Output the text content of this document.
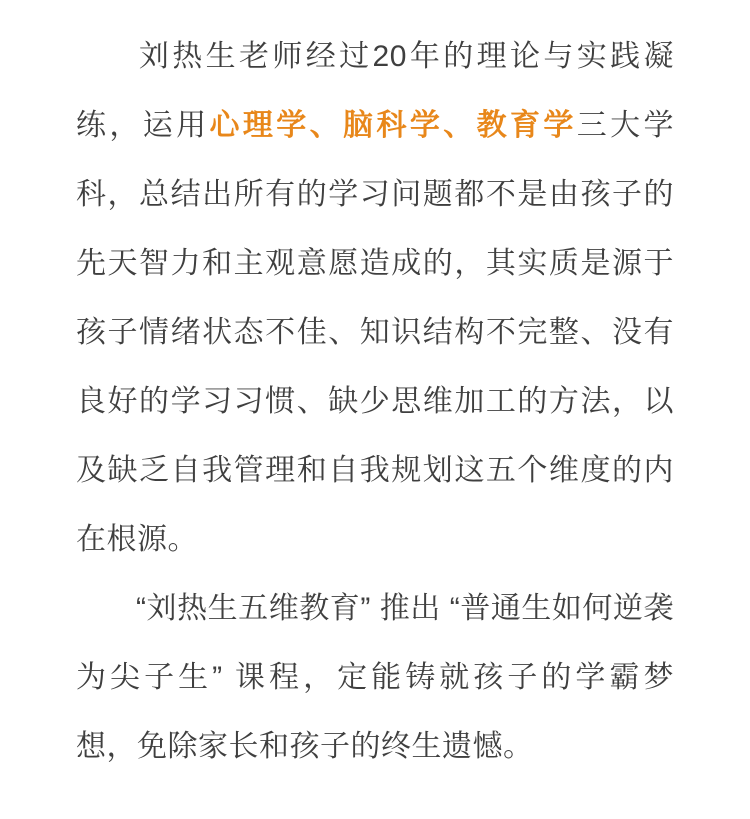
刘热生老师经过20年的理论与实践凝练，运用心理学、脑科学、教育学三大学科，总结出所有的学习问题都不是由孩子的先天智力和主观意愿造成的，其实质是源于孩子情绪状态不佳、知识结构不完整、没有良好的学习习惯、缺少思维加工的方法，以及缺乏自我管理和自我规划这五个维度的内在根源。
“刘热生五维教育” 推出 “普通生如何逆袭为尖子生” 课程，定能铸就孩子的学霸梦想，免除家长和孩子的终生遗憾。
